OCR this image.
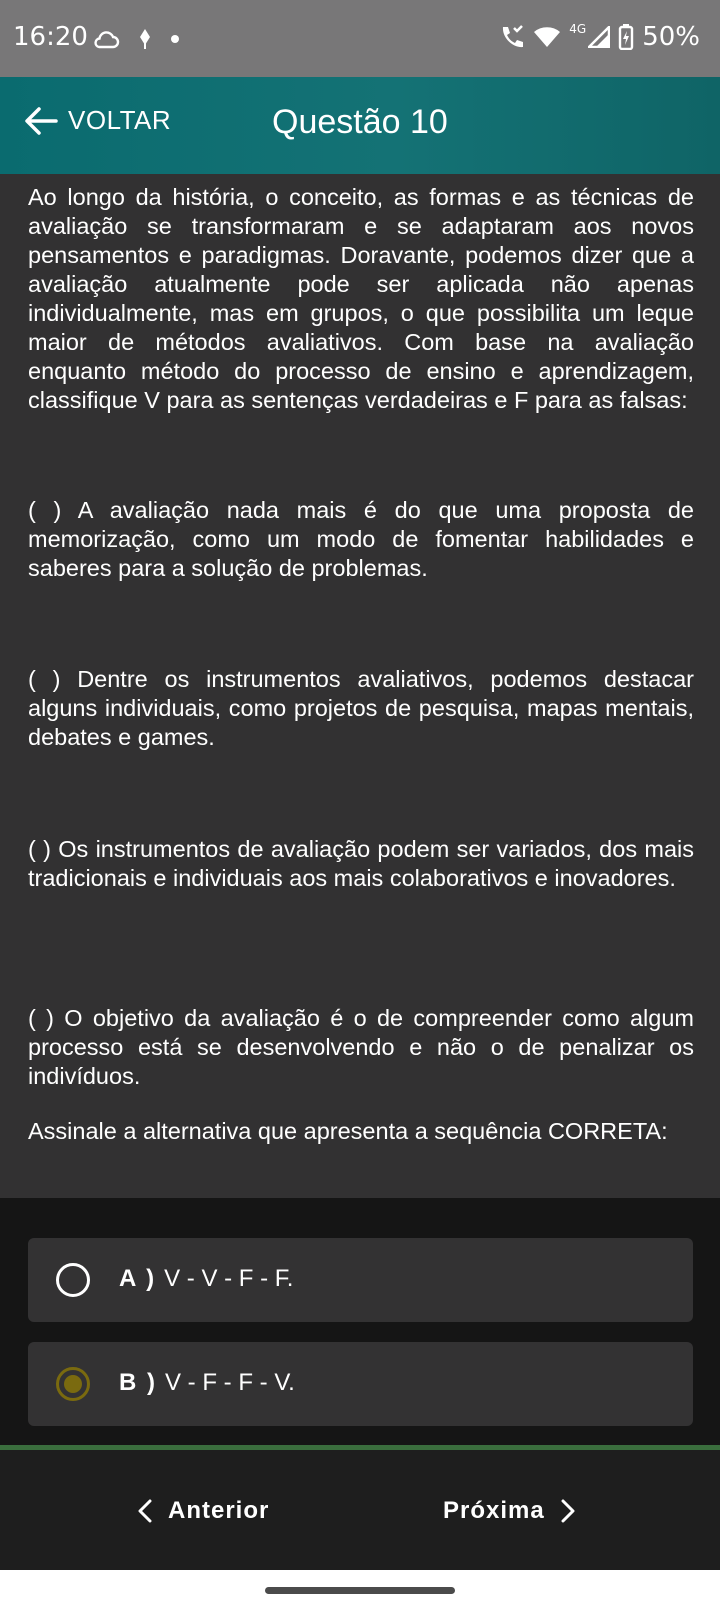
16:20	4G 50%
VOLTAR	Questão 10

Ao longo da história, o conceito, as formas e as técnicas de avaliação se transformaram e se adaptaram aos novos pensamentos e paradigmas. Doravante, podemos dizer que a avaliação atualmente pode ser aplicada não apenas individualmente, mas em grupos, o que possibilita um leque maior de métodos avaliativos. Com base na avaliação enquanto método do processo de ensino e aprendizagem, classifique V para as sentenças verdadeiras e F para as falsas:

( ) A avaliação nada mais é do que uma proposta de memorização, como um modo de fomentar habilidades e saberes para a solução de problemas.

( ) Dentre os instrumentos avaliativos, podemos destacar alguns individuais, como projetos de pesquisa, mapas mentais, debates e games.

( ) Os instrumentos de avaliação podem ser variados, dos mais tradicionais e individuais aos mais colaborativos e inovadores.

( ) O objetivo da avaliação é o de compreender como algum processo está se desenvolvendo e não o de penalizar os indivíduos.

Assinale a alternativa que apresenta a sequência CORRETA:

A ) V - V - F - F.
B ) V - F - F - V.
Anterior	Próxima
